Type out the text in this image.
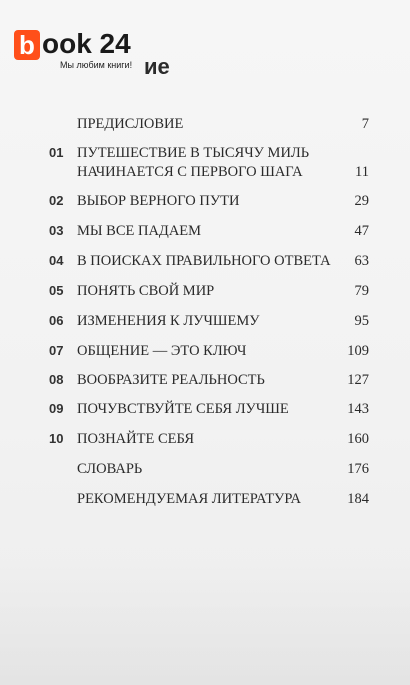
b ook 24
Мы любим книги! ие
ПРЕДИСЛОВИЕ	7
01 ПУТЕШЕСТВИЕ В ТЫСЯЧУ МИЛЬ
НАЧИНАЕТСЯ С ПЕРВОГО ШАГА	11
02 ВЫБОР ВЕРНОГО ПУТИ	29
03 МЫ ВСЕ ПАДАЕМ	47
04 В ПОИСКАХ ПРАВИЛЬНОГО ОТВЕТА 63
05 ПОНЯТЬ СВОЙ МИР	79
06 ИЗМЕНЕНИЯ К ЛУЧШЕМУ	95
07 ОБЩЕНИЕ — ЭТО КЛЮЧ	109
08 ВООБРАЗИТЕ РЕАЛЬНОСТЬ	127
09 ПОЧУВСТВУЙТЕ СЕБЯ ЛУЧШЕ	143
10 ПОЗНАЙТЕ СЕБЯ	160
СЛОВАРЬ	176
РЕКОМЕНДУЕМАЯ ЛИТЕРАТУРА	184
